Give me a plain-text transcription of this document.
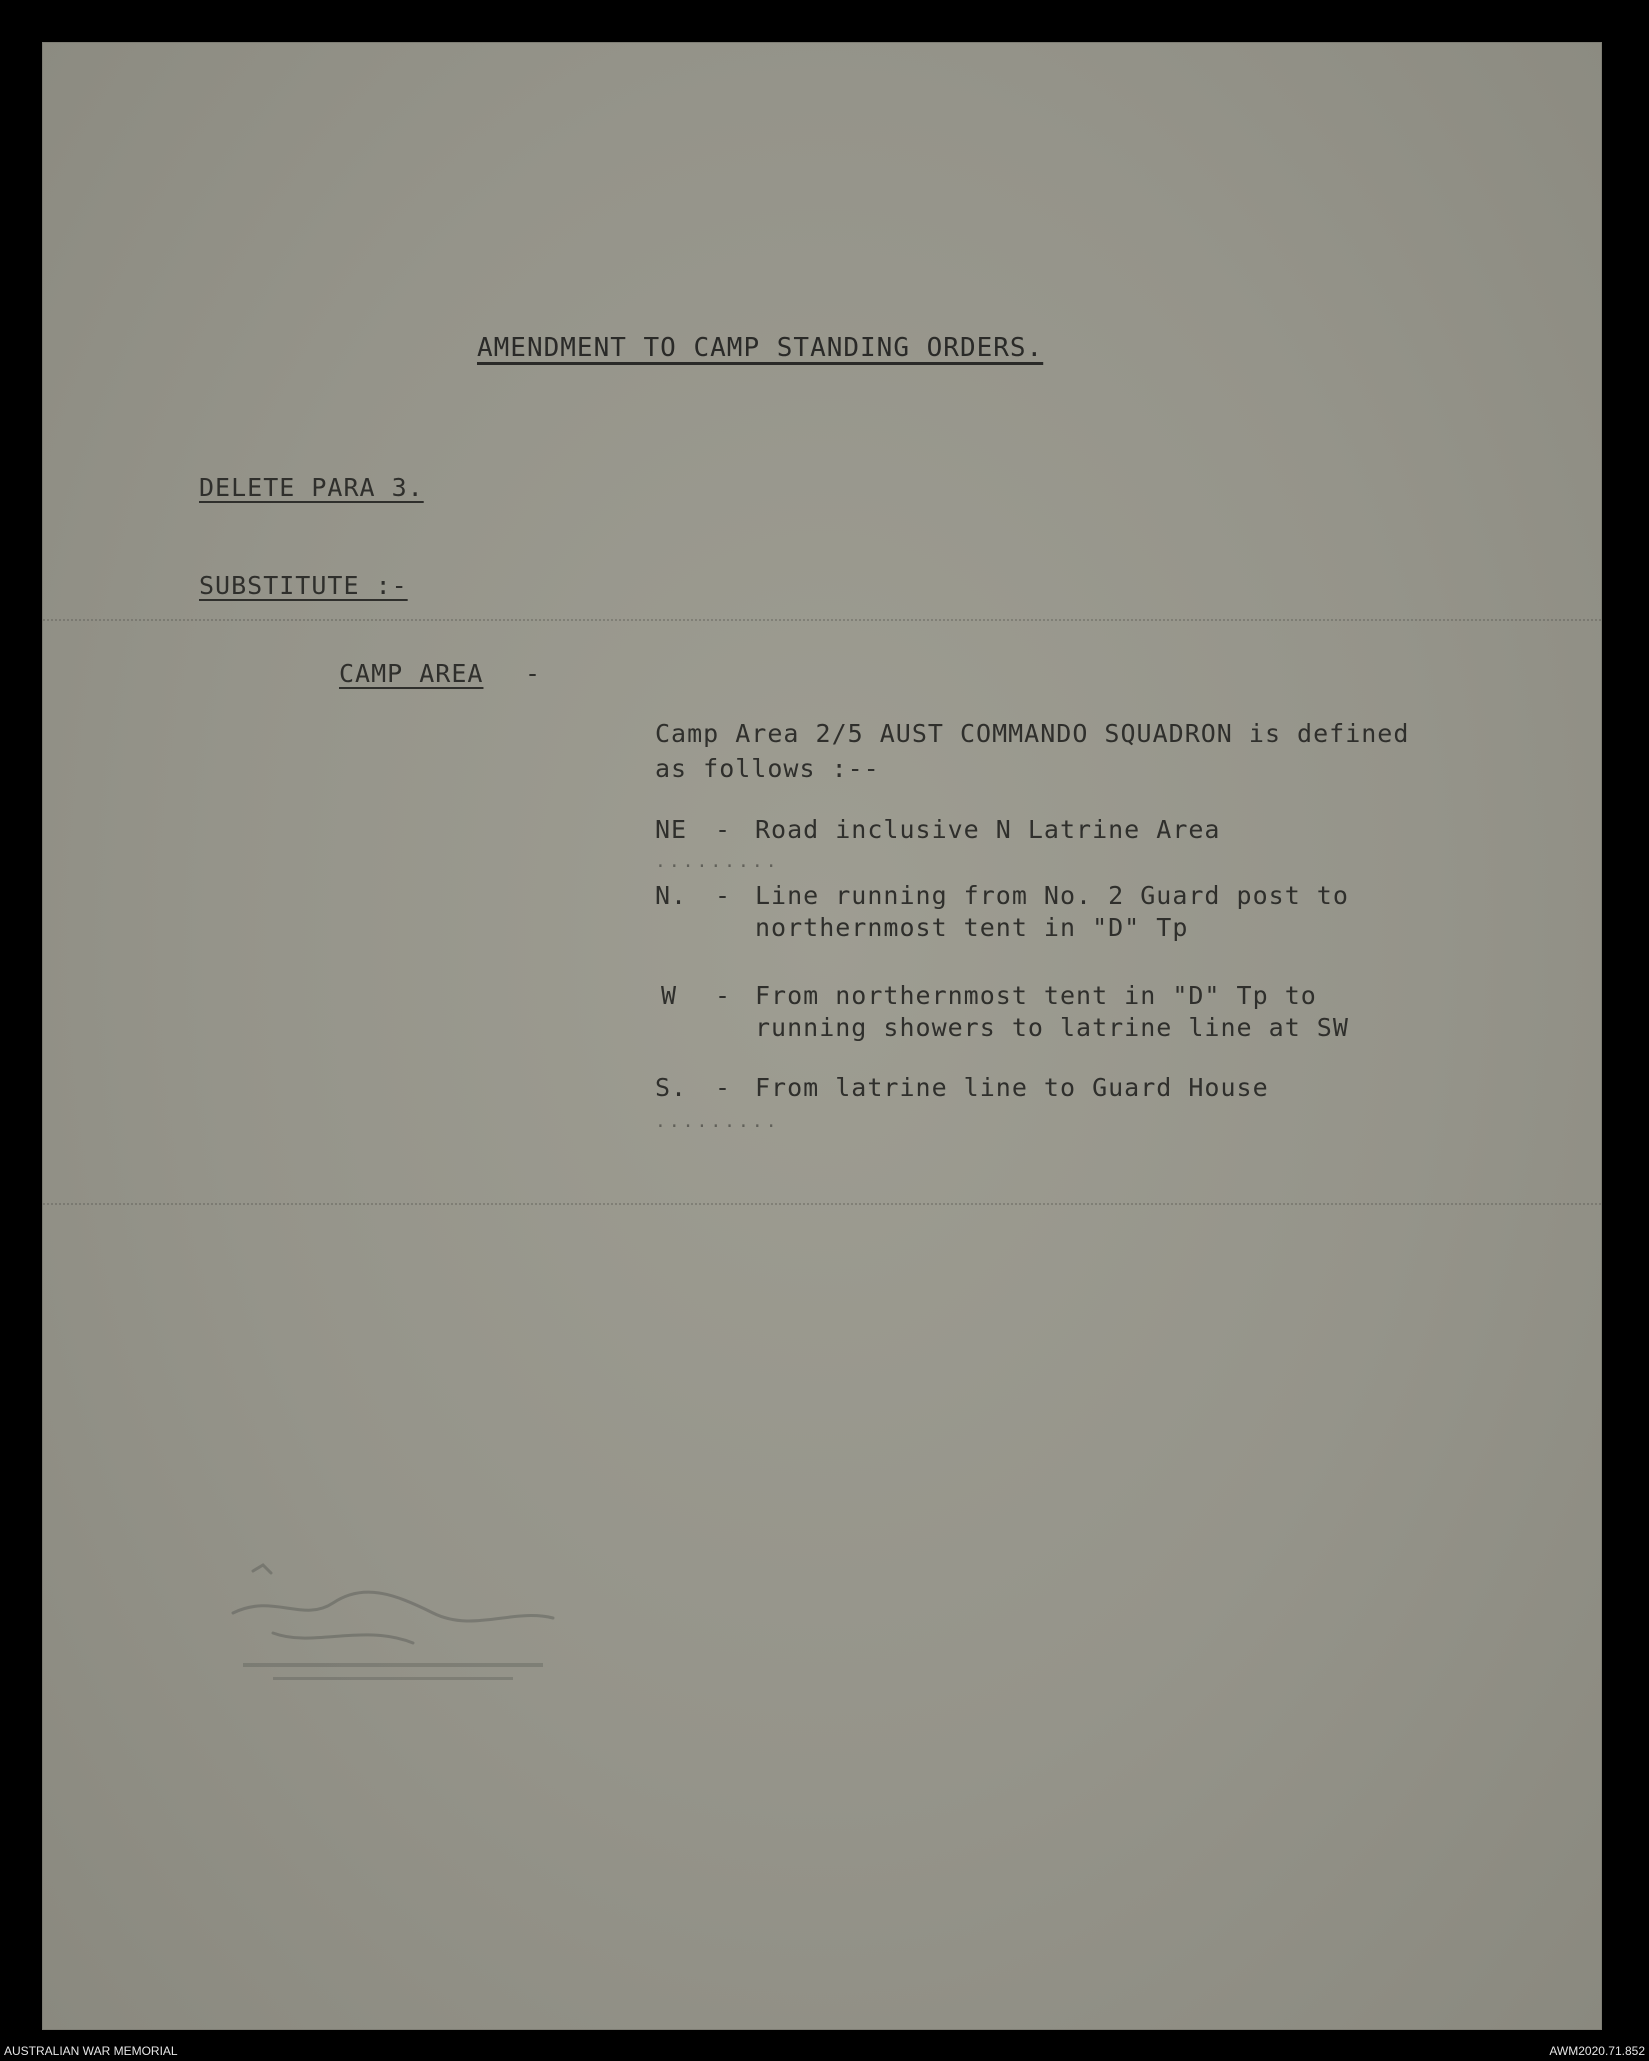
AMENDMENT TO CAMP STANDING ORDERS.
DELETE PARA 3.
SUBSTITUTE :-
CAMP AREA -
Camp Area 2/5 AUST COMMANDO SQUADRON is defined
as follows :--
NE - Road inclusive N Latrine Area
.........
N. - Line running from No. 2 Guard post to
northernmost tent in "D" Tp
W - From northernmost tent in "D" Tp to
running showers to latrine line at SW
S. - From latrine line to Guard House
.........
AUSTRALIAN WAR MEMORIAL	AWM2020.71.852
